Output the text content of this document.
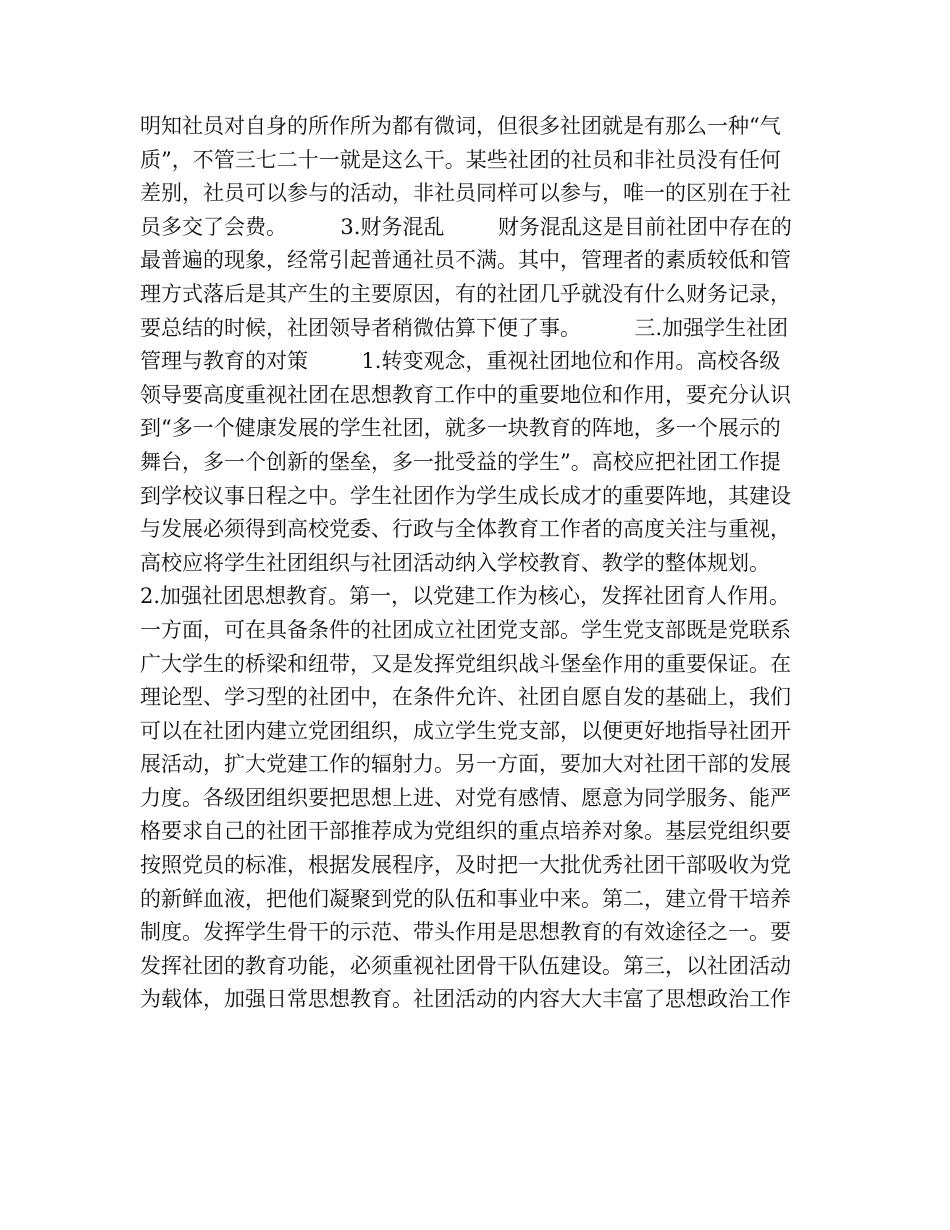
明知社员对自身的所作所为都有微词，但很多社团就是有那么一种“气
质”，不管三七二十一就是这么干。某些社团的社员和非社员没有任何
差别，社员可以参与的活动，非社员同样可以参与，唯一的区别在于社
员多交了会费。        3.财务混乱        财务混乱这是目前社团中存在的
最普遍的现象，经常引起普通社员不满。其中，管理者的素质较低和管
理方式落后是其产生的主要原因，有的社团几乎就没有什么财务记录，
要总结的时候，社团领导者稍微估算下便了事。        三.加强学生社团
管理与教育的对策        1.转变观念，重视社团地位和作用。高校各级
领导要高度重视社团在思想教育工作中的重要地位和作用，要充分认识
到“多一个健康发展的学生社团，就多一块教育的阵地，多一个展示的
舞台，多一个创新的堡垒，多一批受益的学生”。高校应把社团工作提
到学校议事日程之中。学生社团作为学生成长成才的重要阵地，其建设
与发展必须得到高校党委、行政与全体教育工作者的高度关注与重视，
高校应将学生社团组织与社团活动纳入学校教育、教学的整体规划。
2.加强社团思想教育。第一，以党建工作为核心，发挥社团育人作用。
一方面，可在具备条件的社团成立社团党支部。学生党支部既是党联系
广大学生的桥梁和纽带，又是发挥党组织战斗堡垒作用的重要保证。在
理论型、学习型的社团中，在条件允许、社团自愿自发的基础上，我们
可以在社团内建立党团组织，成立学生党支部，以便更好地指导社团开
展活动，扩大党建工作的辐射力。另一方面，要加大对社团干部的发展
力度。各级团组织要把思想上进、对党有感情、愿意为同学服务、能严
格要求自己的社团干部推荐成为党组织的重点培养对象。基层党组织要
按照党员的标准，根据发展程序，及时把一大批优秀社团干部吸收为党
的新鲜血液，把他们凝聚到党的队伍和事业中来。第二，建立骨干培养
制度。发挥学生骨干的示范、带头作用是思想教育的有效途径之一。要
发挥社团的教育功能，必须重视社团骨干队伍建设。第三，以社团活动
为载体，加强日常思想教育。社团活动的内容大大丰富了思想政治工作
